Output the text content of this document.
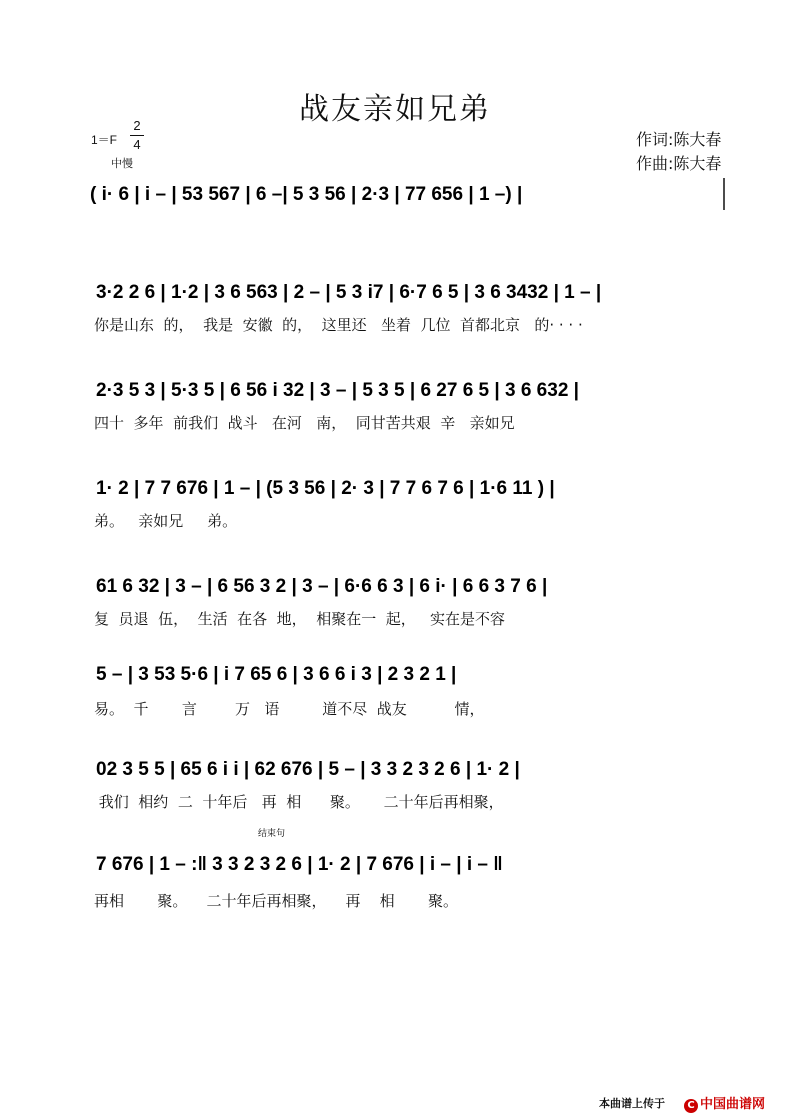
战友亲如兄弟
1＝F
2
4
中慢
作词:陈大春
作曲:陈大春
( i· 6 | i – | 53 567 | 6 –| 5 3 56 | 2·3 | 77 656 | 1 –) |
3·2 2 6 | 1·2 | 3 6 563 | 2 – | 5 3 i7 | 6·7 6 5 | 3 6 3432 | 1 – |
你是山东  的，  我是  安徽  的，  这里还   坐着  几位  首都北京   的· · · ·
2·3 5 3 | 5·3 5 | 6 56 i 32 | 3 – | 5 3 5 | 6 27 6 5 | 3 6 632 |
四十  多年  前我们  战斗   在河   南，  同甘苦共艰  辛   亲如兄
1· 2 | 7 7 676 | 1 – | (5 3 56 | 2· 3 | 7 7 6 7 6 | 1·6 11 ) |
弟。   亲如兄     弟。
61 6 32 | 3 – | 6 56 3 2 | 3 – | 6·6 6 3 | 6 i· | 6 6 3 7 6 |
复  员退  伍，  生活  在各  地，  相聚在一  起，   实在是不容
5 – | 3 53 5·6 | i 7 65 6 | 3 6 6 i 3 | 2 3 2 1 |
易。  千       言        万   语         道不尽  战友          情，
02 3 5 5 | 65 6 i i | 62 676 | 5 – | 3 3 2 3 2 6 | 1· 2 |
我们  相约  二  十年后   再  相      聚。     二十年后再相聚，
结束句
7 676 | 1 – :‖ 3 3 2 3 2 6 | 1· 2 | 7 676 | i – | i – ‖
再相       聚。    二十年后再相聚，    再    相       聚。
本曲谱上传于	C 中国曲谱网
